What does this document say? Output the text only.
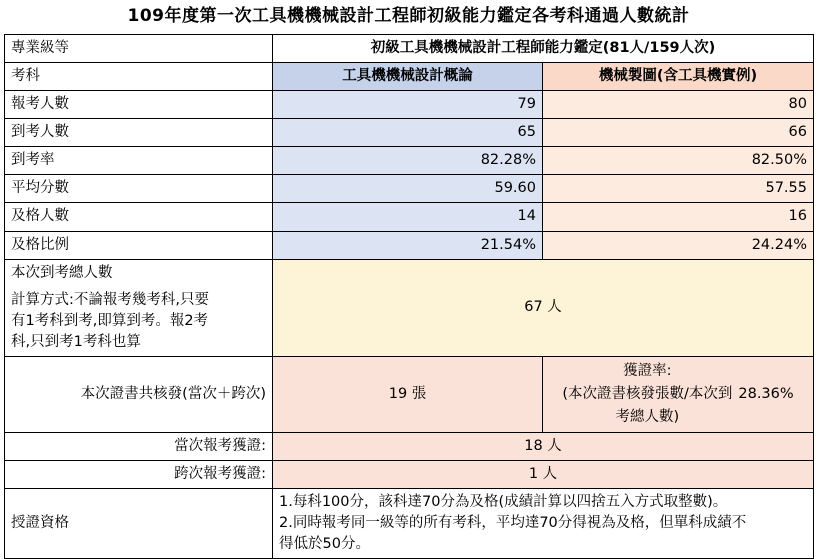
109年度第一次工具機機械設計工程師初級能力鑑定各考科通過人數統計
專業級等	初級工具機機械設計工程師能力鑑定(81人/159人次)	
考科	工具機機械設計概論	機械製圖(含工具機實例)
報考人數	79	80
到考人數	65	66
到考率	82.28%	82.50%
平均分數	59.60	57.55
及格人數	14	16
及格比例	21.54%	24.24%

本次到考總人數
計算方式:不論報考幾考科,只要
有1考科到考,即算到考。報2考
科,只到考1考科也算	67 人	
本次證書共核發(當次＋跨次)	19 張	獲證率:
(本次證書核發張數/本次到
考總人數)
28.36%

當次報考獲證:	18 人	
跨次報考獲證:	1 人	
授證資格	1.每科100分，該科達70分為及格(成績計算以四捨五入方式取整數)。
2.同時報考同一級等的所有考科，平均達70分得視為及格，但單科成績不
得低於50分。	
